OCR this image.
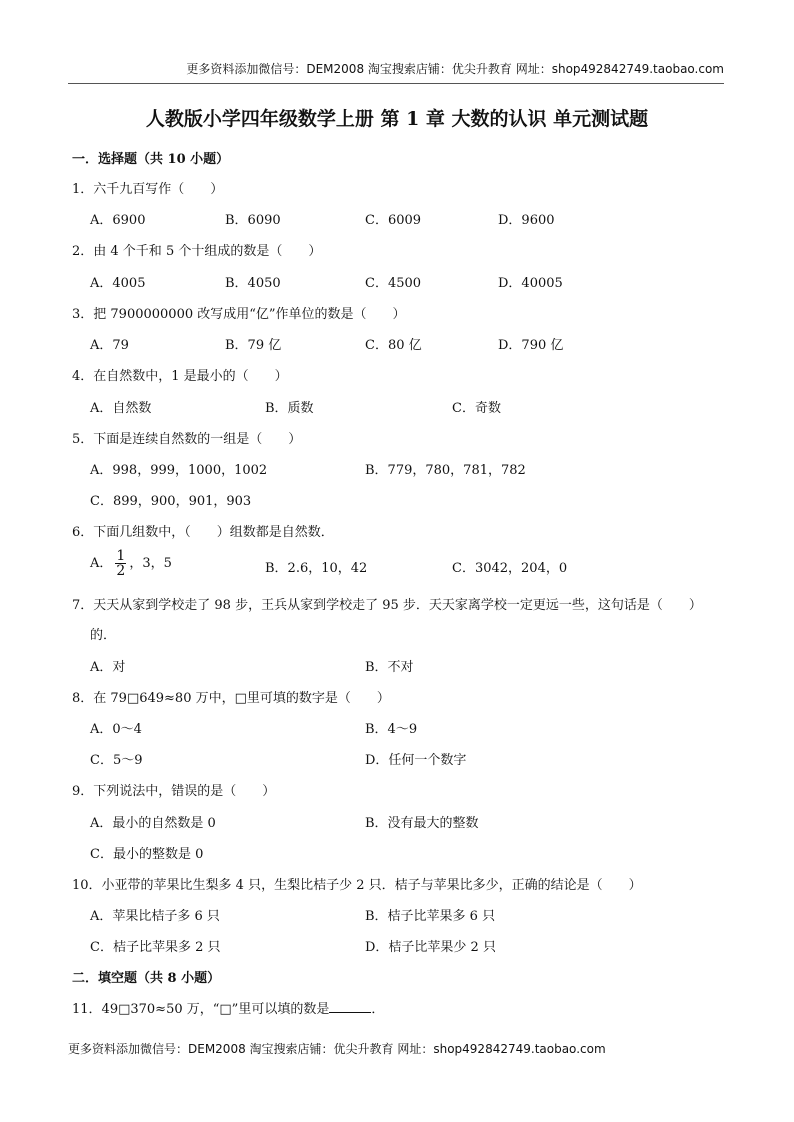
更多资料添加微信号：DEM2008 淘宝搜索店铺：优尖升教育 网址：shop492842749.taobao.com
人教版小学四年级数学上册 第 1 章 大数的认识 单元测试题
一．选择题（共 10 小题）
1．六千九百写作（　　）
A．6900	B．6090	C．6009	D．9600
2．由 4 个千和 5 个十组成的数是（　　）
A．4005	B．4050	C．4500	D．40005
3．把 7900000000 改写成用“亿”作单位的数是（　　）
A．79	B．79 亿	C．80 亿	D．790 亿
4．在自然数中，1 是最小的（　　）
A．自然数	B．质数	C．奇数
5．下面是连续自然数的一组是（　　）
A．998，999，1000，1002	B．779，780，781，782
C．899，900，901，903
6．下面几组数中，（　　）组数都是自然数．
A． $\frac{1}{2}$ ，3，5	B．2.6，10，42	C．3042，204，0
7．天天从家到学校走了 98 步，王兵从家到学校走了 95 步．天天家离学校一定更远一些，这句话是（　　）
的．
A．对	B．不对
8．在 79□649≈80 万中，□里可填的数字是（　　）
A．0～4	B．4～9
C．5～9	D．任何一个数字
9．下列说法中，错误的是（　　）
A．最小的自然数是 0	B．没有最大的整数
C．最小的整数是 0
10．小亚带的苹果比生梨多 4 只，生梨比桔子少 2 只．桔子与苹果比多少，正确的结论是（　　）
A．苹果比桔子多 6 只	B．桔子比苹果多 6 只
C．桔子比苹果多 2 只	D．桔子比苹果少 2 只
二．填空题（共 8 小题）
11．49□370≈50 万，“□”里可以填的数是	．
更多资料添加微信号：DEM2008 淘宝搜索店铺：优尖升教育 网址：shop492842749.taobao.com
